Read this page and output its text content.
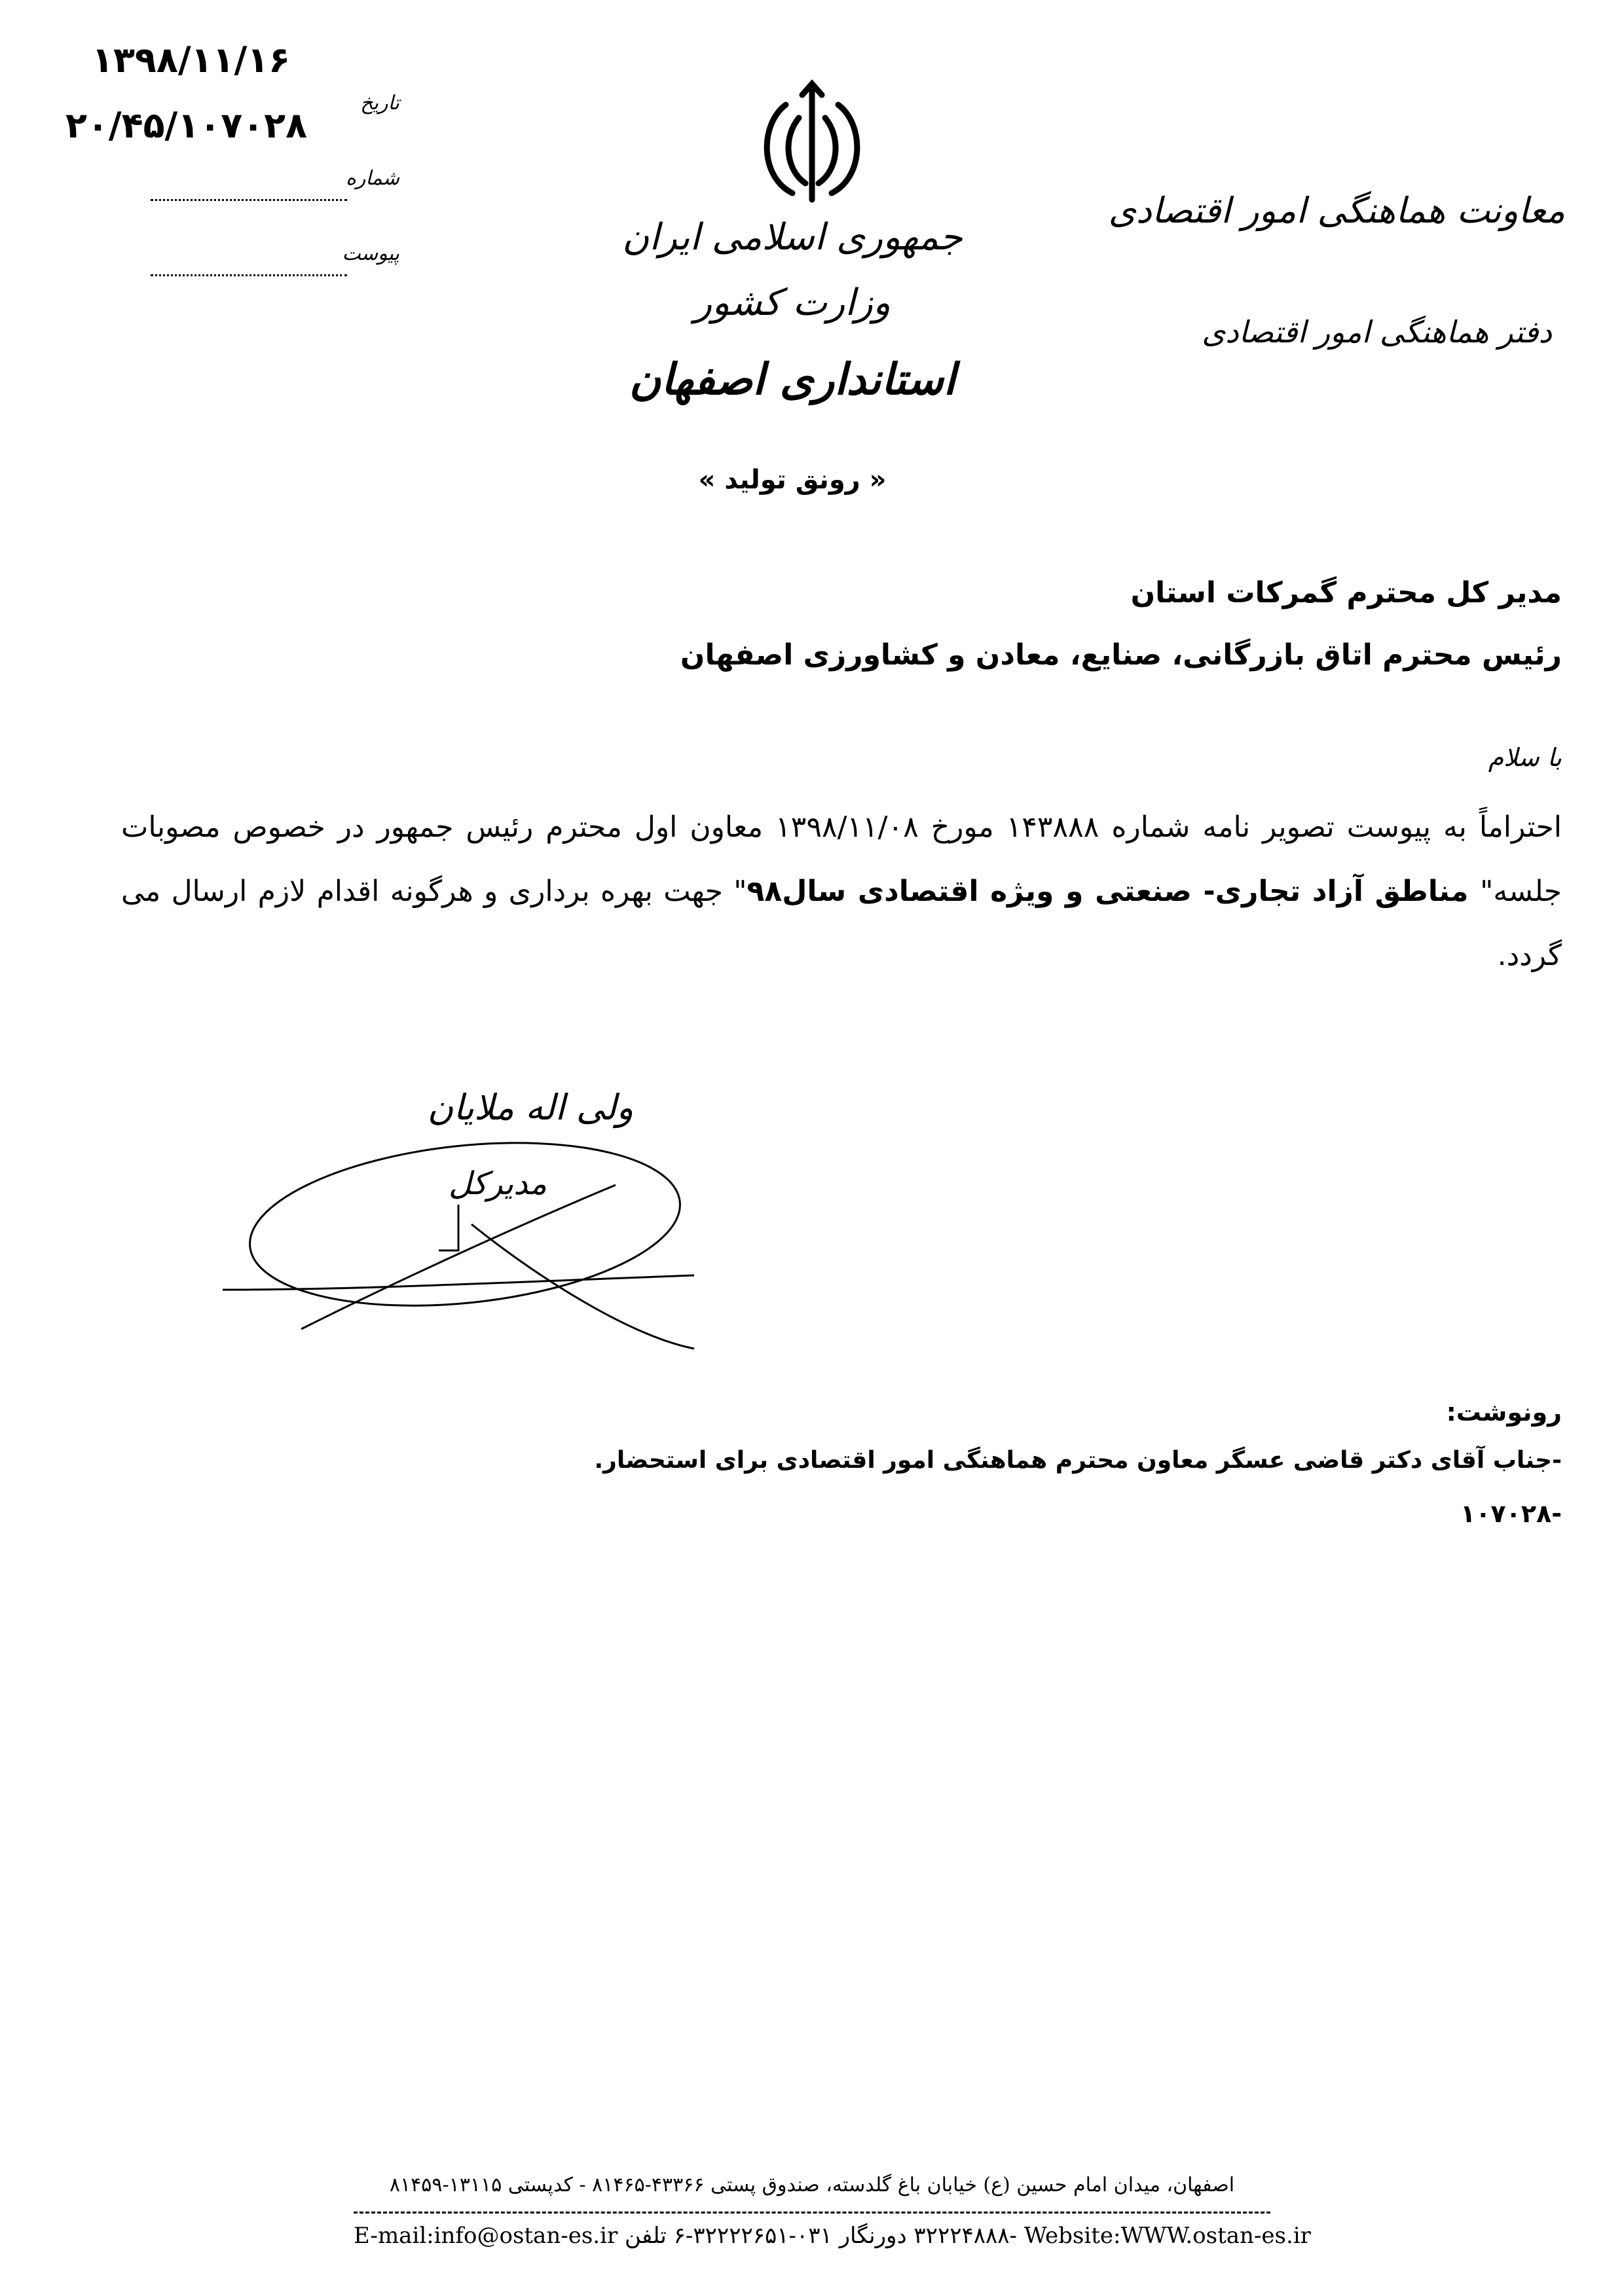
۱۳۹۸/۱۱/۱۶
۲۰/۴۵/۱۰۷۰۲۸
تاریخ
شماره
پیوست	جمهوری اسلامی ایران
وزارت کشور
استانداری اصفهان
« رونق تولید »
معاونت هماهنگی امور اقتصادی
دفتر هماهنگی امور اقتصادی
مدیر کل محترم گمرکات استان
رئیس محترم اتاق بازرگانی، صنایع، معادن و کشاورزی اصفهان
با سلام
احتراماً به پیوست تصویر نامه شماره ۱۴۳۸۸۸ مورخ ۱۳۹۸/۱۱/۰۸ معاون اول محترم رئیس جمهور در خصوص مصوبات جلسه" مناطق آزاد تجاری- صنعتی و ویژه اقتصادی سال۹۸" جهت بهره برداری و هرگونه اقدام لازم ارسال می گردد.
ولی اله ملایان
مدیرکل
رونوشت:
-جناب آقای دکتر قاضی عسگر معاون محترم هماهنگی امور اقتصادی برای استحضار.
-۱۰۷۰۲۸
اصفهان، میدان امام حسین (ع) خیابان باغ گلدسته، صندوق پستی ۴۳۳۶۶-۸۱۴۶۵ - کدپستی ۱۳۱۱۵-۸۱۴۵۹
E-mail:info@ostan-es.ir -۳۲۲۲۴۸۸۸ دورنگار ۰۳۱-۳۲۲۲۲۶۵۱-۶ تلفن Website:WWW.ostan-es.ir
